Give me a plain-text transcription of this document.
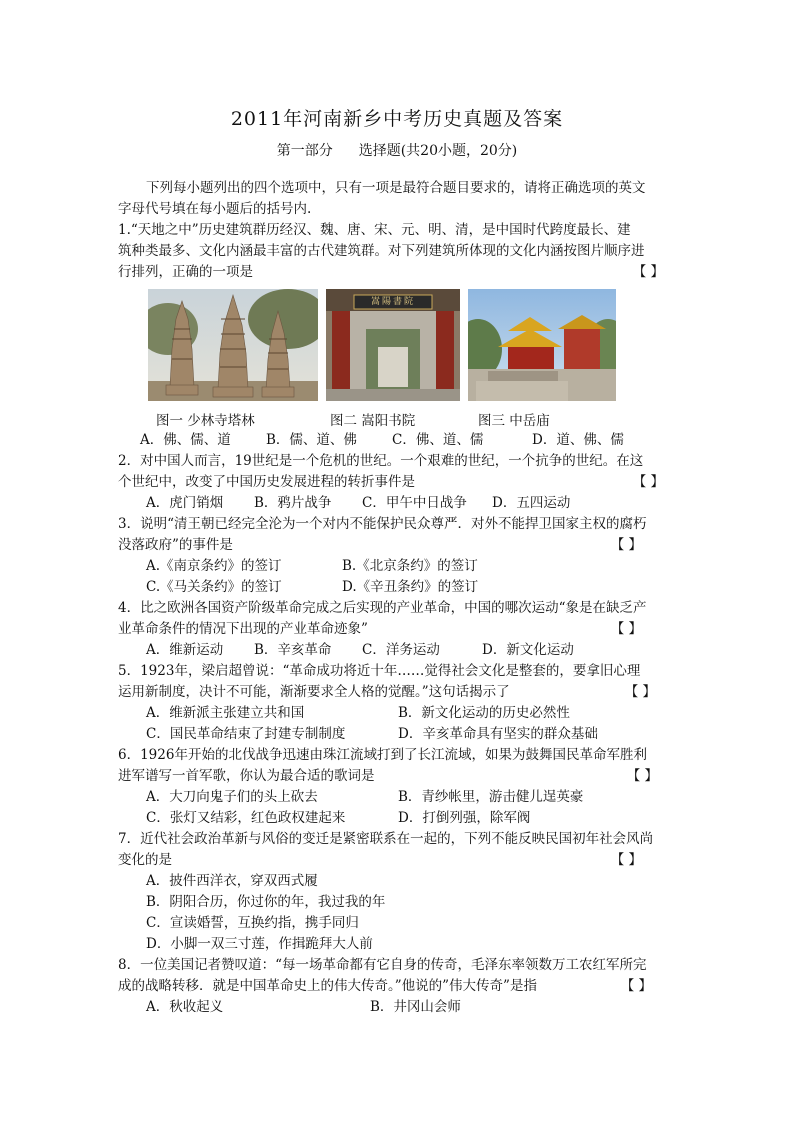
2011年河南新乡中考历史真题及答案
第一部分 选择题(共20小题，20分)
下列每小题列出的四个选项中，只有一项是最符合题目要求的，请将正确选项的英文
字母代号填在每小题后的括号内.
1.“天地之中”历史建筑群历经汉、魏、唐、宋、元、明、清，是中国时代跨度最长、建
筑种类最多、文化内涵最丰富的古代建筑群。对下列建筑所体现的文化内涵按图片顺序进
行排列，正确的一项是	【 】
嵩陽書院
图一 少林寺塔林	图二 嵩阳书院	图三 中岳庙
A．佛、儒、道	B．儒、道、佛	C．佛、道、儒	D．道、佛、儒
2．对中国人而言，19世纪是一个危机的世纪。一个艰难的世纪，一个抗争的世纪。在这
个世纪中，改变了中国历史发展进程的转折事件是	【 】
A．虎门销烟 B．鸦片战争 C．甲午中日战争 D．五四运动
3．说明“清王朝已经完全沦为一个对内不能保护民众尊严．对外不能捍卫国家主权的腐朽
没落政府”的事件是	【 】
A.《南京条约》的签订	B.《北京条约》的签订
C.《马关条约》的签订	D.《辛丑条约》的签订
4．比之欧洲各国资产阶级革命完成之后实现的产业革命，中国的哪次运动“象是在缺乏产
业革命条件的情况下出现的产业革命迹象”	【 】
A．维新运动 B．辛亥革命 C．洋务运动	D．新文化运动
5．1923年，梁启超曾说：“革命成功将近十年……觉得社会文化是整套的，要拿旧心理
运用新制度，决计不可能，渐渐要求全人格的觉醒。”这句话揭示了	【 】
A．维新派主张建立共和国	B．新文化运动的历史必然性
C．国民革命结束了封建专制制度	D．辛亥革命具有坚实的群众基础
6．1926年开始的北伐战争迅速由珠江流域打到了长江流域，如果为鼓舞国民革命军胜利
进军谱写一首军歌，你认为最合适的歌词是	【 】
A．大刀向鬼子们的头上砍去	B．青纱帐里，游击健儿逞英豪
C．张灯又结彩，红色政权建起来	D．打倒列强，除军阀
7．近代社会政治革新与风俗的变迁是紧密联系在一起的，下列不能反映民国初年社会风尚
变化的是	【 】
A．披件西洋衣，穿双西式履
B．阴阳合历，你过你的年，我过我的年
C．宣读婚誓，互换约指，携手同归
D．小脚一双三寸莲，作揖跪拜大人前
8．一位美国记者赞叹道：“每一场革命都有它自身的传奇，毛泽东率领数万工农红军所完
成的战略转移．就是中国革命史上的伟大传奇。”他说的”伟大传奇”是指	【 】
A．秋收起义	B．井冈山会师
